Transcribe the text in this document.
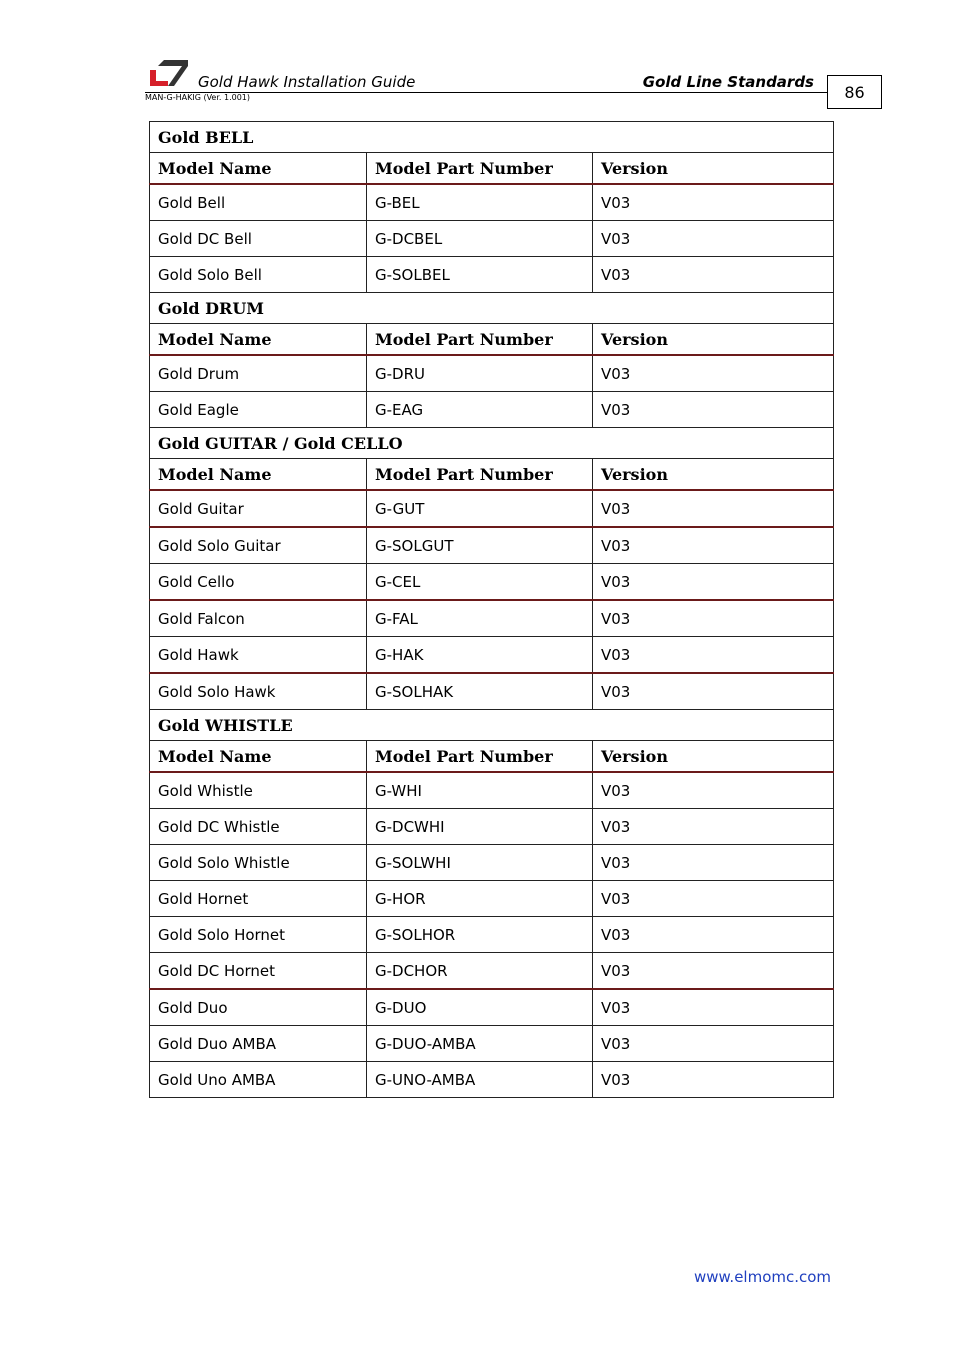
Gold Hawk Installation Guide
MAN-G-HAKIG (Ver. 1.001)
Gold Line Standards
86
Gold BELL		
Model Name	Model Part Number	Version
Gold Bell	G-BEL	V03
Gold DC Bell	G-DCBEL	V03
Gold Solo Bell	G-SOLBEL	V03
Gold DRUM		
Model Name	Model Part Number	Version
Gold Drum	G-DRU	V03
Gold Eagle	G-EAG	V03
Gold GUITAR / Gold CELLO		
Model Name	Model Part Number	Version
Gold Guitar	G-GUT	V03
Gold Solo Guitar	G-SOLGUT	V03
Gold Cello	G-CEL	V03
Gold Falcon	G-FAL	V03
Gold Hawk	G-HAK	V03
Gold Solo Hawk	G-SOLHAK	V03
Gold WHISTLE		
Model Name	Model Part Number	Version
Gold Whistle	G-WHI	V03
Gold DC Whistle	G-DCWHI	V03
Gold Solo Whistle	G-SOLWHI	V03
Gold Hornet	G-HOR	V03
Gold Solo Hornet	G-SOLHOR	V03
Gold DC Hornet	G-DCHOR	V03
Gold Duo	G-DUO	V03
Gold Duo AMBA	G-DUO-AMBA	V03
Gold Uno AMBA	G-UNO-AMBA	V03
www.elmomc.com
